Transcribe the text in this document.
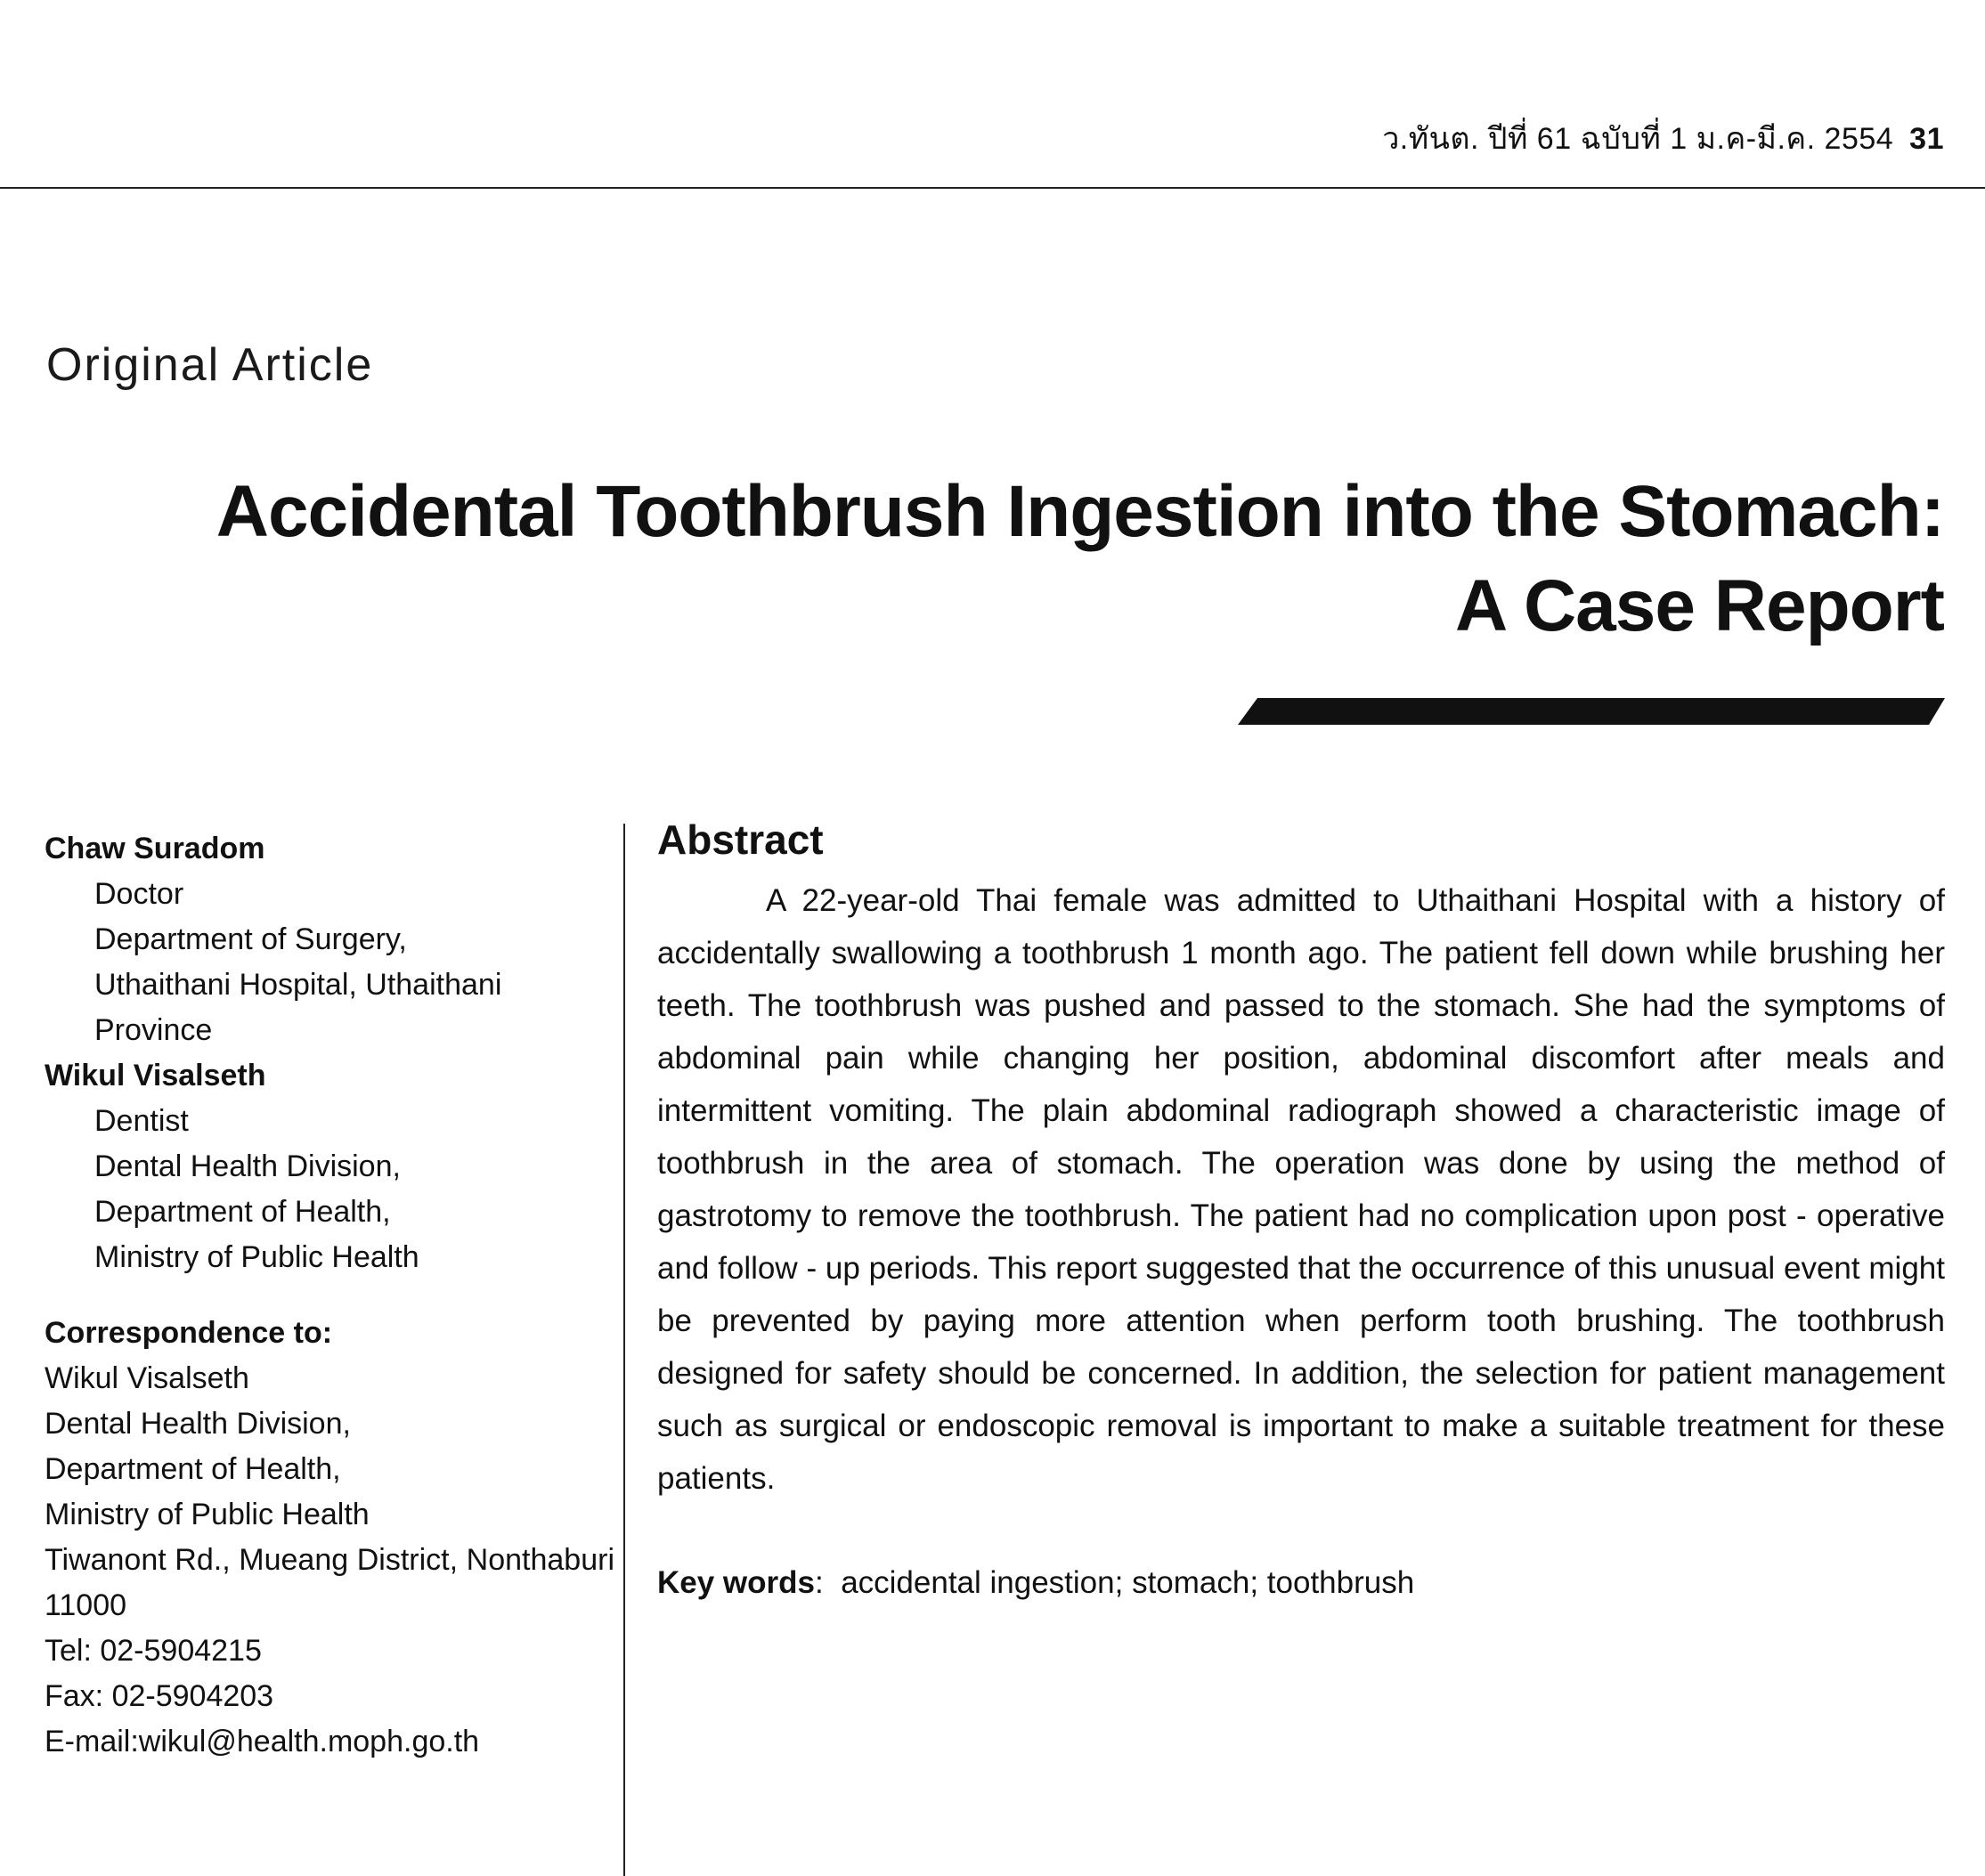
ว.ทันต. ปีที่ 61 ฉบับที่ 1 ม.ค-มี.ค. 2554 31
Original Article
Accidental Toothbrush Ingestion into the Stomach:
A Case Report
Chaw Suradom
Doctor
Department of Surgery,
Uthaithani Hospital, Uthaithani Province
Wikul Visalseth
Dentist
Dental Health Division,
Department of Health,
Ministry of Public Health
Correspondence to:
Wikul Visalseth
Dental Health Division,
Department of Health,
Ministry of Public Health
Tiwanont Rd., Mueang District, Nonthaburi
11000
Tel: 02-5904215
Fax: 02-5904203
E-mail:wikul@health.moph.go.th
Abstract
A 22-year-old Thai female was admitted to Uthaithani Hospital with a history of accidentally swallowing a toothbrush 1 month ago. The patient fell down while brushing her teeth. The toothbrush was pushed and passed to the stomach. She had the symptoms of abdominal pain while changing her position, abdominal discomfort after meals and intermittent vomiting. The plain abdominal radiograph showed a characteristic image of toothbrush in the area of stomach. The operation was done by using the method of gastrotomy to remove the toothbrush. The patient had no complication upon post - operative and follow - up periods. This report suggested that the occurrence of this unusual event might be prevented by paying more attention when perform tooth brushing. The toothbrush designed for safety should be concerned. In addition, the selection for patient management such as surgical or endoscopic removal is important to make a suitable treatment for these patients.
Key words: accidental ingestion; stomach; toothbrush
